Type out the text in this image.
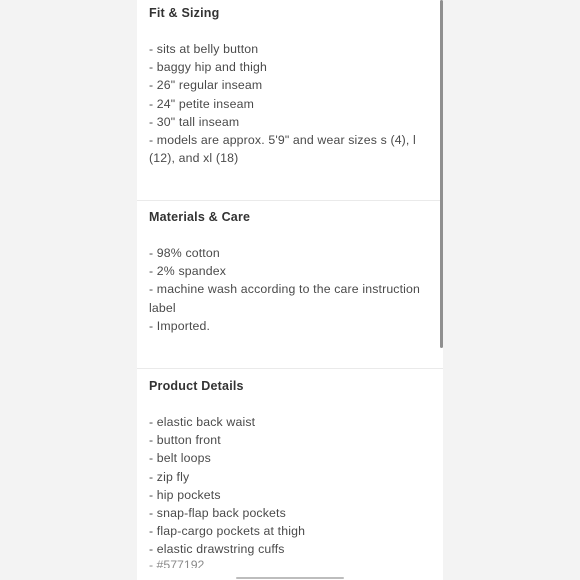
Fit & Sizing
- sits at belly button
- baggy hip and thigh
- 26" regular inseam
- 24" petite inseam
- 30" tall inseam
- models are approx. 5'9" and wear sizes s (4), l (12), and xl (18)
Materials & Care
- 98% cotton
- 2% spandex
- machine wash according to the care instruction label
- Imported.
Product Details
- elastic back waist
- button front
- belt loops
- zip fly
- hip pockets
- snap-flap back pockets
- flap-cargo pockets at thigh
- elastic drawstring cuffs
- #577192
